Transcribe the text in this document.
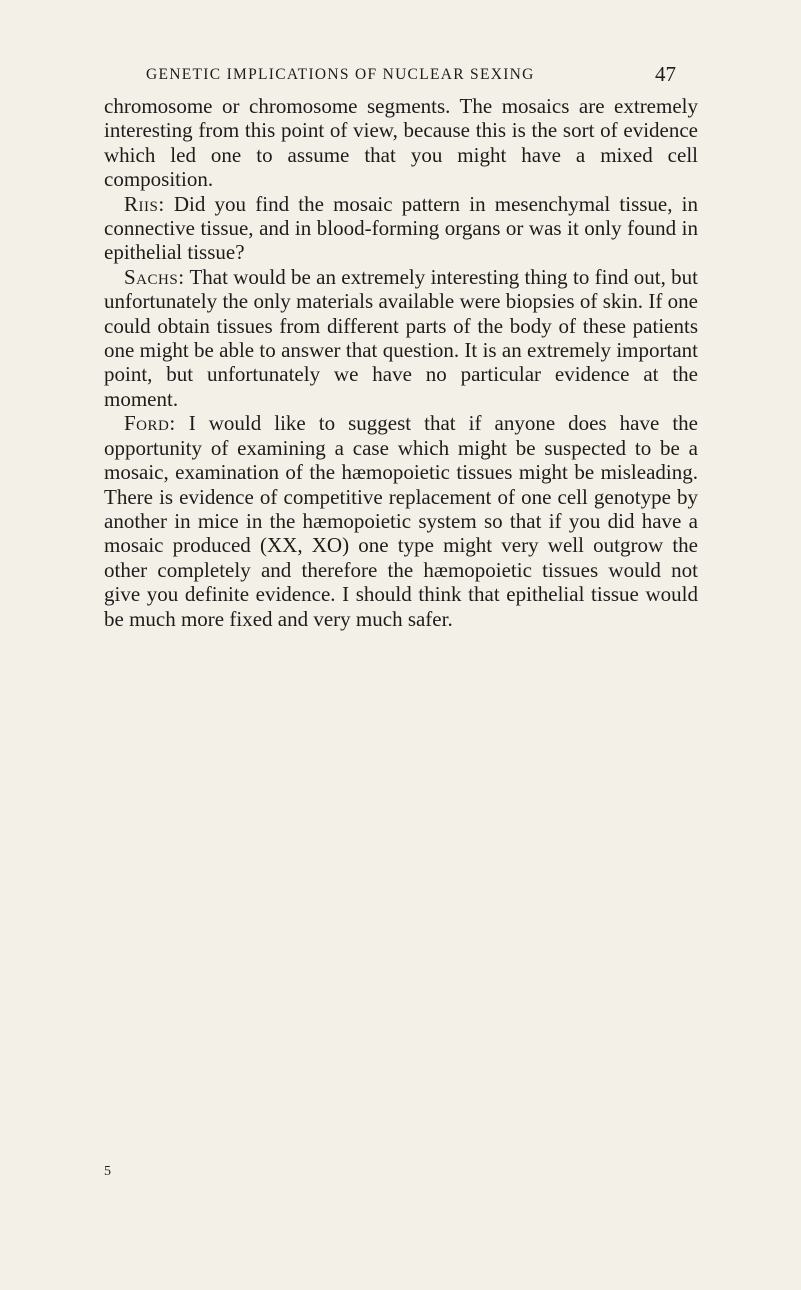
GENETIC IMPLICATIONS OF NUCLEAR SEXING	47

chromosome or chromosome segments. The mosaics are extremely interesting from this point of view, because this is the sort of evidence which led one to assume that you might have a mixed cell composition.

Riis: Did you find the mosaic pattern in mesenchymal tissue, in connective tissue, and in blood-forming organs or was it only found in epithelial tissue?

Sachs: That would be an extremely interesting thing to find out, but unfortunately the only materials available were biopsies of skin. If one could obtain tissues from different parts of the body of these patients one might be able to answer that question. It is an extremely important point, but unfortunately we have no particular evidence at the moment.

Ford: I would like to suggest that if anyone does have the opportunity of examining a case which might be suspected to be a mosaic, examination of the hæmopoietic tissues might be misleading. There is evidence of competitive replacement of one cell genotype by another in mice in the hæmopoietic system so that if you did have a mosaic produced (XX, XO) one type might very well outgrow the other completely and therefore the hæmopoietic tissues would not give you definite evidence. I should think that epithelial tissue would be much more fixed and very much safer.

5
